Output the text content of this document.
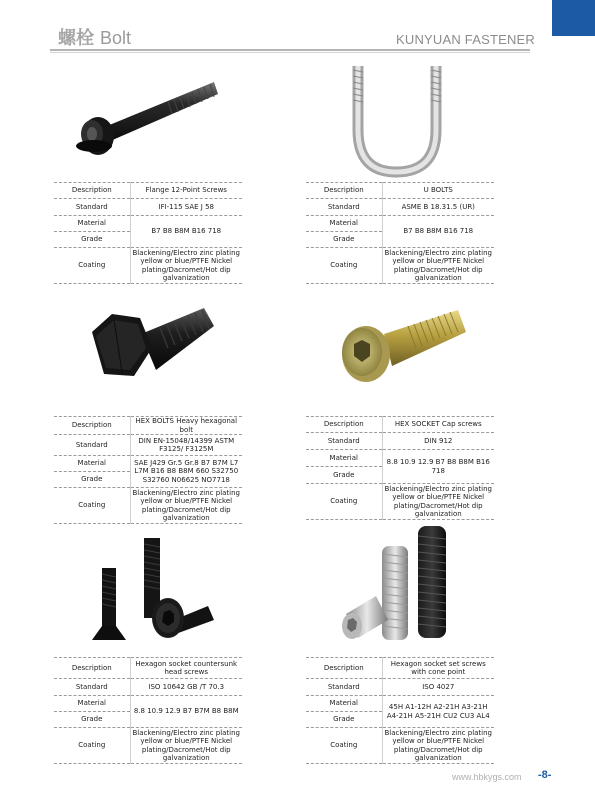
螺栓 Bolt	KUNYUAN FASTENER
Description	Flange 12-Point Screws
Standard	IFI-115 SAE J 58
Material	B7 B8 B8M B16 718
Grade	
Coating	Blackening/Electro zinc plating yellow or blue/PTFE Nickel plating/Dacromet/Hot dip galvanization
Description	U BOLTS
Standard	ASME B 18.31.5 (UR)
Material	B7 B8 B8M B16 718
Grade	
Coating	Blackening/Electro zinc plating yellow or blue/PTFE Nickel plating/Dacromet/Hot dip galvanization
Description	HEX BOLTS Heavy hexagonal bolt
Standard	DIN EN-15048/14399 ASTM F3125/ F3125M
Material	SAE J429 Gr.5 Gr.8 B7 B7M L7 L7M B16 B8 B8M 660 S32750 S32760 N06625 NO7718
Grade	
Coating	Blackening/Electro zinc plating yellow or blue/PTFE Nickel plating/Dacromet/Hot dip galvanization
Description	HEX SOCKET Cap screws
Standard	DIN 912
Material	8.8 10.9 12.9 B7 B8 B8M B16 718
Grade	
Coating	Blackening/Electro zinc plating yellow or blue/PTFE Nickel plating/Dacromet/Hot dip galvanization
Description	Hexagon socket countersunk head screws
Standard	ISO 10642 GB /T 70.3
Material	8.8 10.9 12.9 B7 B7M B8 B8M
Grade	
Coating	Blackening/Electro zinc plating yellow or blue/PTFE Nickel plating/Dacromet/Hot dip galvanization
Description	Hexagon socket set screws with cone point
Standard	ISO 4027
Material	45H A1-12H A2-21H A3-21H A4-21H A5-21H CU2 CU3 AL4
Grade	
Coating	Blackening/Electro zinc plating yellow or blue/PTFE Nickel plating/Dacromet/Hot dip galvanization
www.hbkygs.com -8-
